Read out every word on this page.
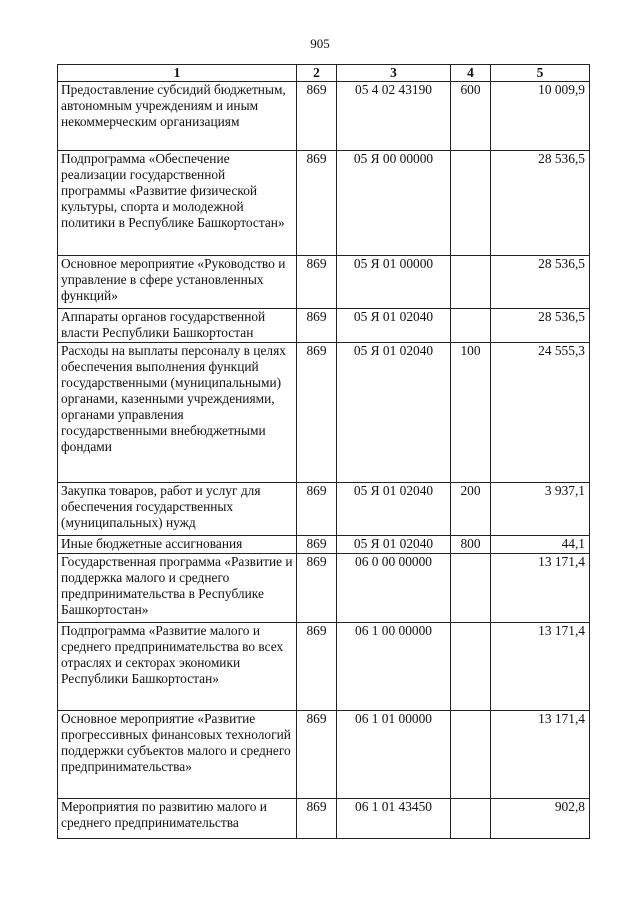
905
1	2	3	4	5
Предоставление субсидий бюджетным, автономным учреждениям и иным некоммерческим организациям	869	05 4 02 43190	600	10 009,9
Подпрограмма «Обеспечение реализации государственной программы «Развитие физической культуры, спорта и молодежной политики в Республике Башкортостан»	869	05 Я 00 00000		28 536,5
Основное мероприятие «Руководство и управление в сфере установленных функций»	869	05 Я 01 00000		28 536,5
Аппараты органов государственной власти Республики Башкортостан	869	05 Я 01 02040		28 536,5
Расходы на выплаты персоналу в целях обеспечения выполнения функций государственными (муниципальными) органами, казенными учреждениями, органами управления государственными внебюджетными фондами	869	05 Я 01 02040	100	24 555,3
Закупка товаров, работ и услуг для обеспечения государственных (муниципальных) нужд	869	05 Я 01 02040	200	3 937,1
Иные бюджетные ассигнования	869	05 Я 01 02040	800	44,1
Государственная программа «Развитие и поддержка малого и среднего предпринимательства в Республике Башкортостан»	869	06 0 00 00000		13 171,4
Подпрограмма «Развитие малого и среднего предпринимательства во всех отраслях и секторах экономики Республики Башкортостан»	869	06 1 00 00000		13 171,4
Основное мероприятие «Развитие прогрессивных финансовых технологий поддержки субъектов малого и среднего предпринимательства»	869	06 1 01 00000		13 171,4
Мероприятия по развитию малого и среднего предпринимательства	869	06 1 01 43450		902,8
